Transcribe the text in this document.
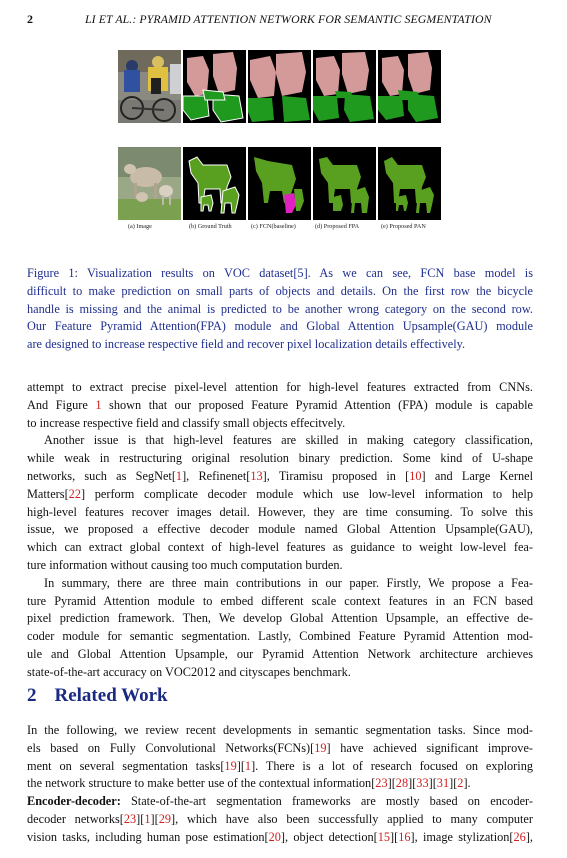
2	LI ET AL.: PYRAMID ATTENTION NETWORK FOR SEMANTIC SEGMENTATION
(a) Image	(b) Ground Truth	(c) FCN(baseline)	(d) Proposed FPA	(e) Proposed PAN
Figure 1: Visualization results on VOC dataset[5]. As we can see, FCN base model is
difficult to make prediction on small parts of objects and details. On the first row the bicycle
handle is missing and the animal is predicted to be another wrong category on the second row.
Our Feature Pyramid Attention(FPA) module and Global Attention Upsample(GAU) module
are designed to increase respective field and recover pixel localization details effectively.
attempt to extract precise pixel-level attention for high-level features extracted from CNNs.
And Figure 1 shown that our proposed Feature Pyramid Attention (FPA) module is capable
to increase respective field and classify small objects effecitvely.
Another issue is that high-level features are skilled in making category classification,
while weak in restructuring original resolution binary prediction. Some kind of U-shape
networks, such as SegNet[1], Refinenet[13], Tiramisu proposed in [10] and Large Kernel
Matters[22] perform complicate decoder module which use low-level information to help
high-level features recover images detail. However, they are time consuming. To solve this
issue, we proposed a effective decoder module named Global Attention Upsample(GAU),
which can extract global context of high-level features as guidance to weight low-level fea-
ture information without causing too much computation burden.
In summary, there are three main contributions in our paper. Firstly, We propose a Fea-
ture Pyramid Attention module to embed different scale context features in an FCN based
pixel prediction framework. Then, We develop Global Attention Upsample, an effective de-
coder module for semantic segmentation. Lastly, Combined Feature Pyramid Attention mod-
ule and Global Attention Upsample, our Pyramid Attention Network architecture archieves
state-of-the-art accuracy on VOC2012 and cityscapes benchmark.
2 Related Work
In the following, we review recent developments in semantic segmentation tasks. Since mod-
els based on Fully Convolutional Networks(FCNs)[19] have achieved significant improve-
ment on several segmentation tasks[19][1]. There is a lot of research focused on exploring
the network structure to make better use of the contextual information[23][28][33][31][2].
Encoder-decoder: State-of-the-art segmentation frameworks are mostly based on encoder-
decoder networks[23][1][29], which have also been successfully applied to many computer
vision tasks, including human pose estimation[20], object detection[15][16], image stylization[26],
